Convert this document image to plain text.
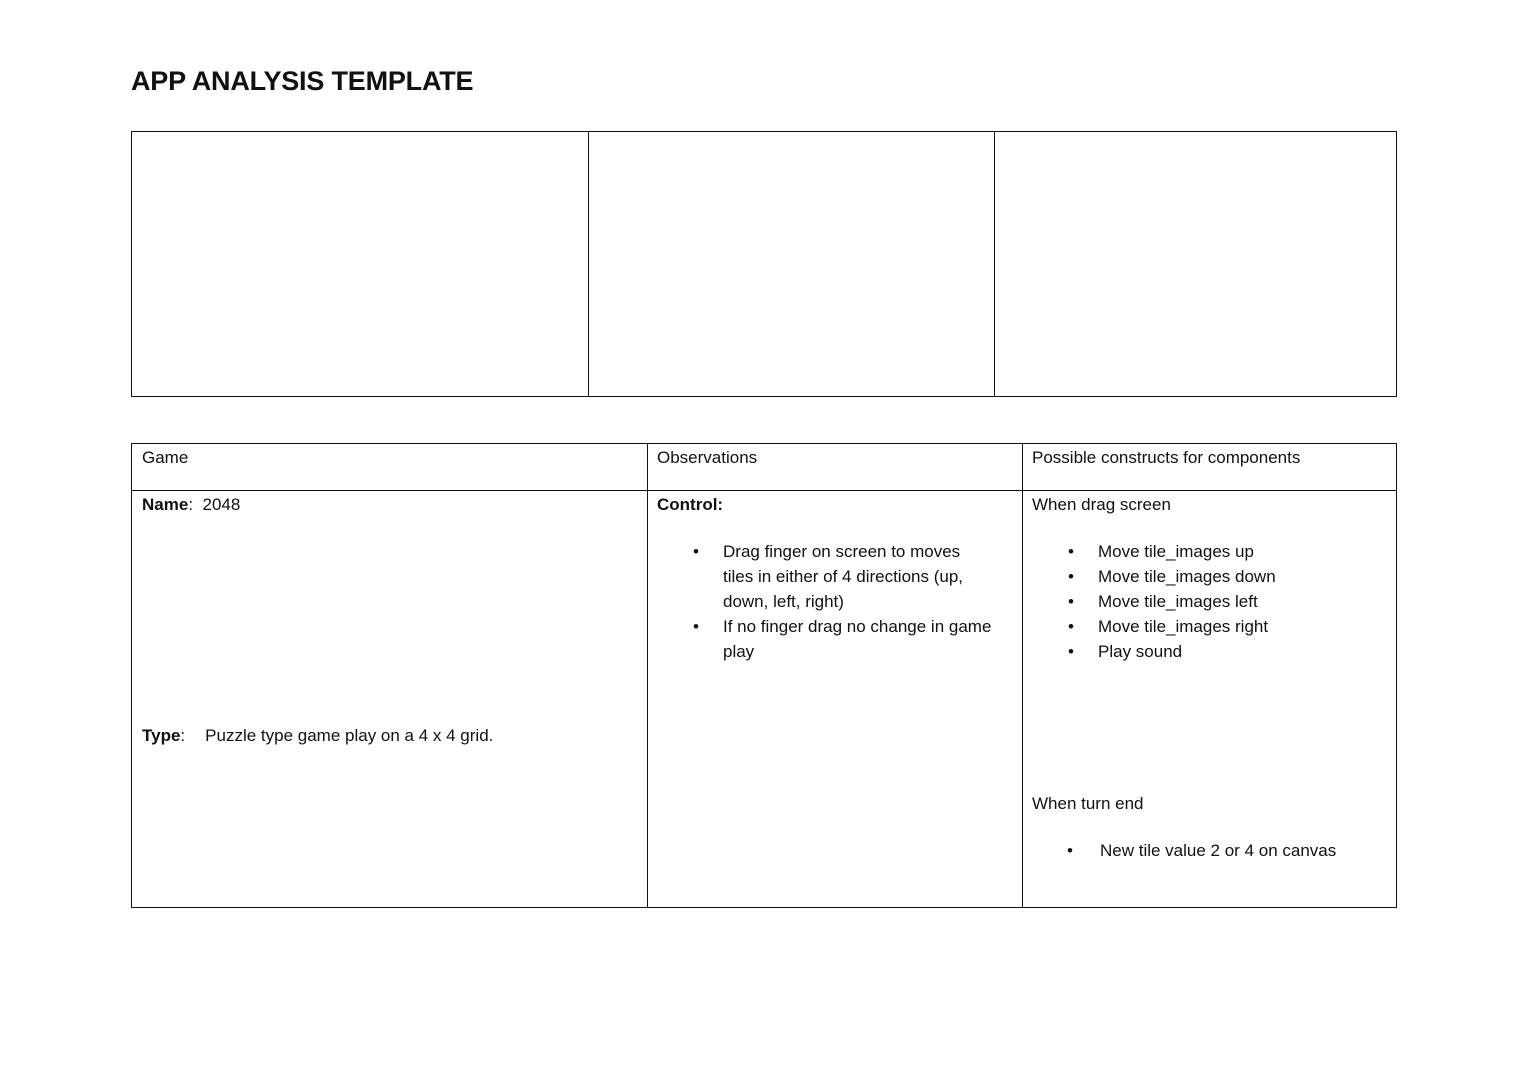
APP ANALYSIS TEMPLATE

Game	Observations	Possible constructs for components

Name: 2048

Type: Puzzle type game play on a 4 x 4 grid.

Control:

• Drag finger on screen to moves
tiles in either of 4 directions (up,
down, left, right)
• If no finger drag no change in game
play

When drag screen

• Move tile_images up
• Move tile_images down
• Move tile_images left
• Move tile_images right
• Play sound

When turn end

• New tile value 2 or 4 on canvas
